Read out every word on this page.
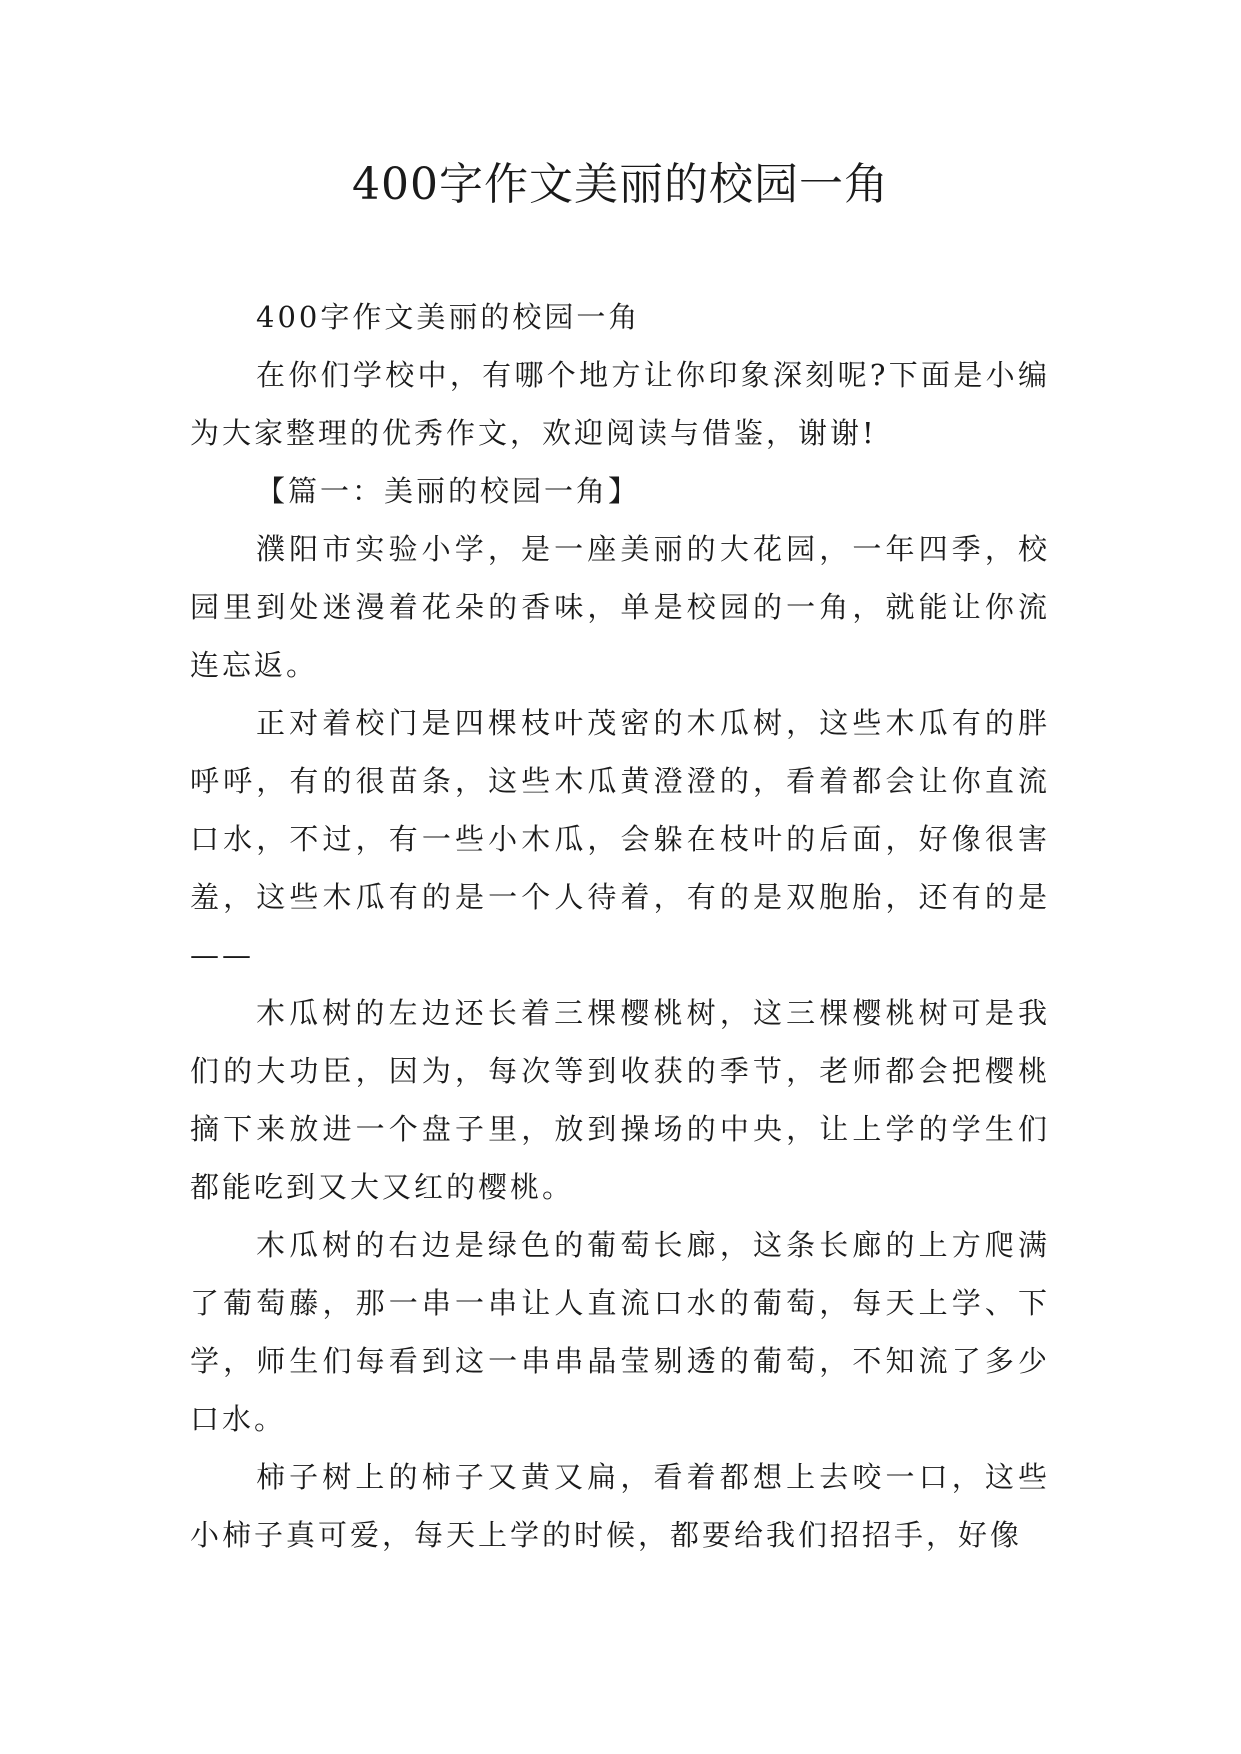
400字作文美丽的校园一角

400字作文美丽的校园一角

在你们学校中，有哪个地方让你印象深刻呢?下面是小编为大家整理的优秀作文，欢迎阅读与借鉴，谢谢!

【篇一：美丽的校园一角】

濮阳市实验小学，是一座美丽的大花园，一年四季，校园里到处迷漫着花朵的香味，单是校园的一角，就能让你流连忘返。

正对着校门是四棵枝叶茂密的木瓜树，这些木瓜有的胖呼呼，有的很苗条，这些木瓜黄澄澄的，看着都会让你直流口水，不过，有一些小木瓜，会躲在枝叶的后面，好像很害羞，这些木瓜有的是一个人待着，有的是双胞胎，还有的是——

木瓜树的左边还长着三棵樱桃树，这三棵樱桃树可是我们的大功臣，因为，每次等到收获的季节，老师都会把樱桃摘下来放进一个盘子里，放到操场的中央，让上学的学生们都能吃到又大又红的樱桃。

木瓜树的右边是绿色的葡萄长廊，这条长廊的上方爬满了葡萄藤，那一串一串让人直流口水的葡萄，每天上学、下学，师生们每看到这一串串晶莹剔透的葡萄，不知流了多少口水。

柿子树上的柿子又黄又扁，看着都想上去咬一口，这些小柿子真可爱，每天上学的时候，都要给我们招招手，好像
